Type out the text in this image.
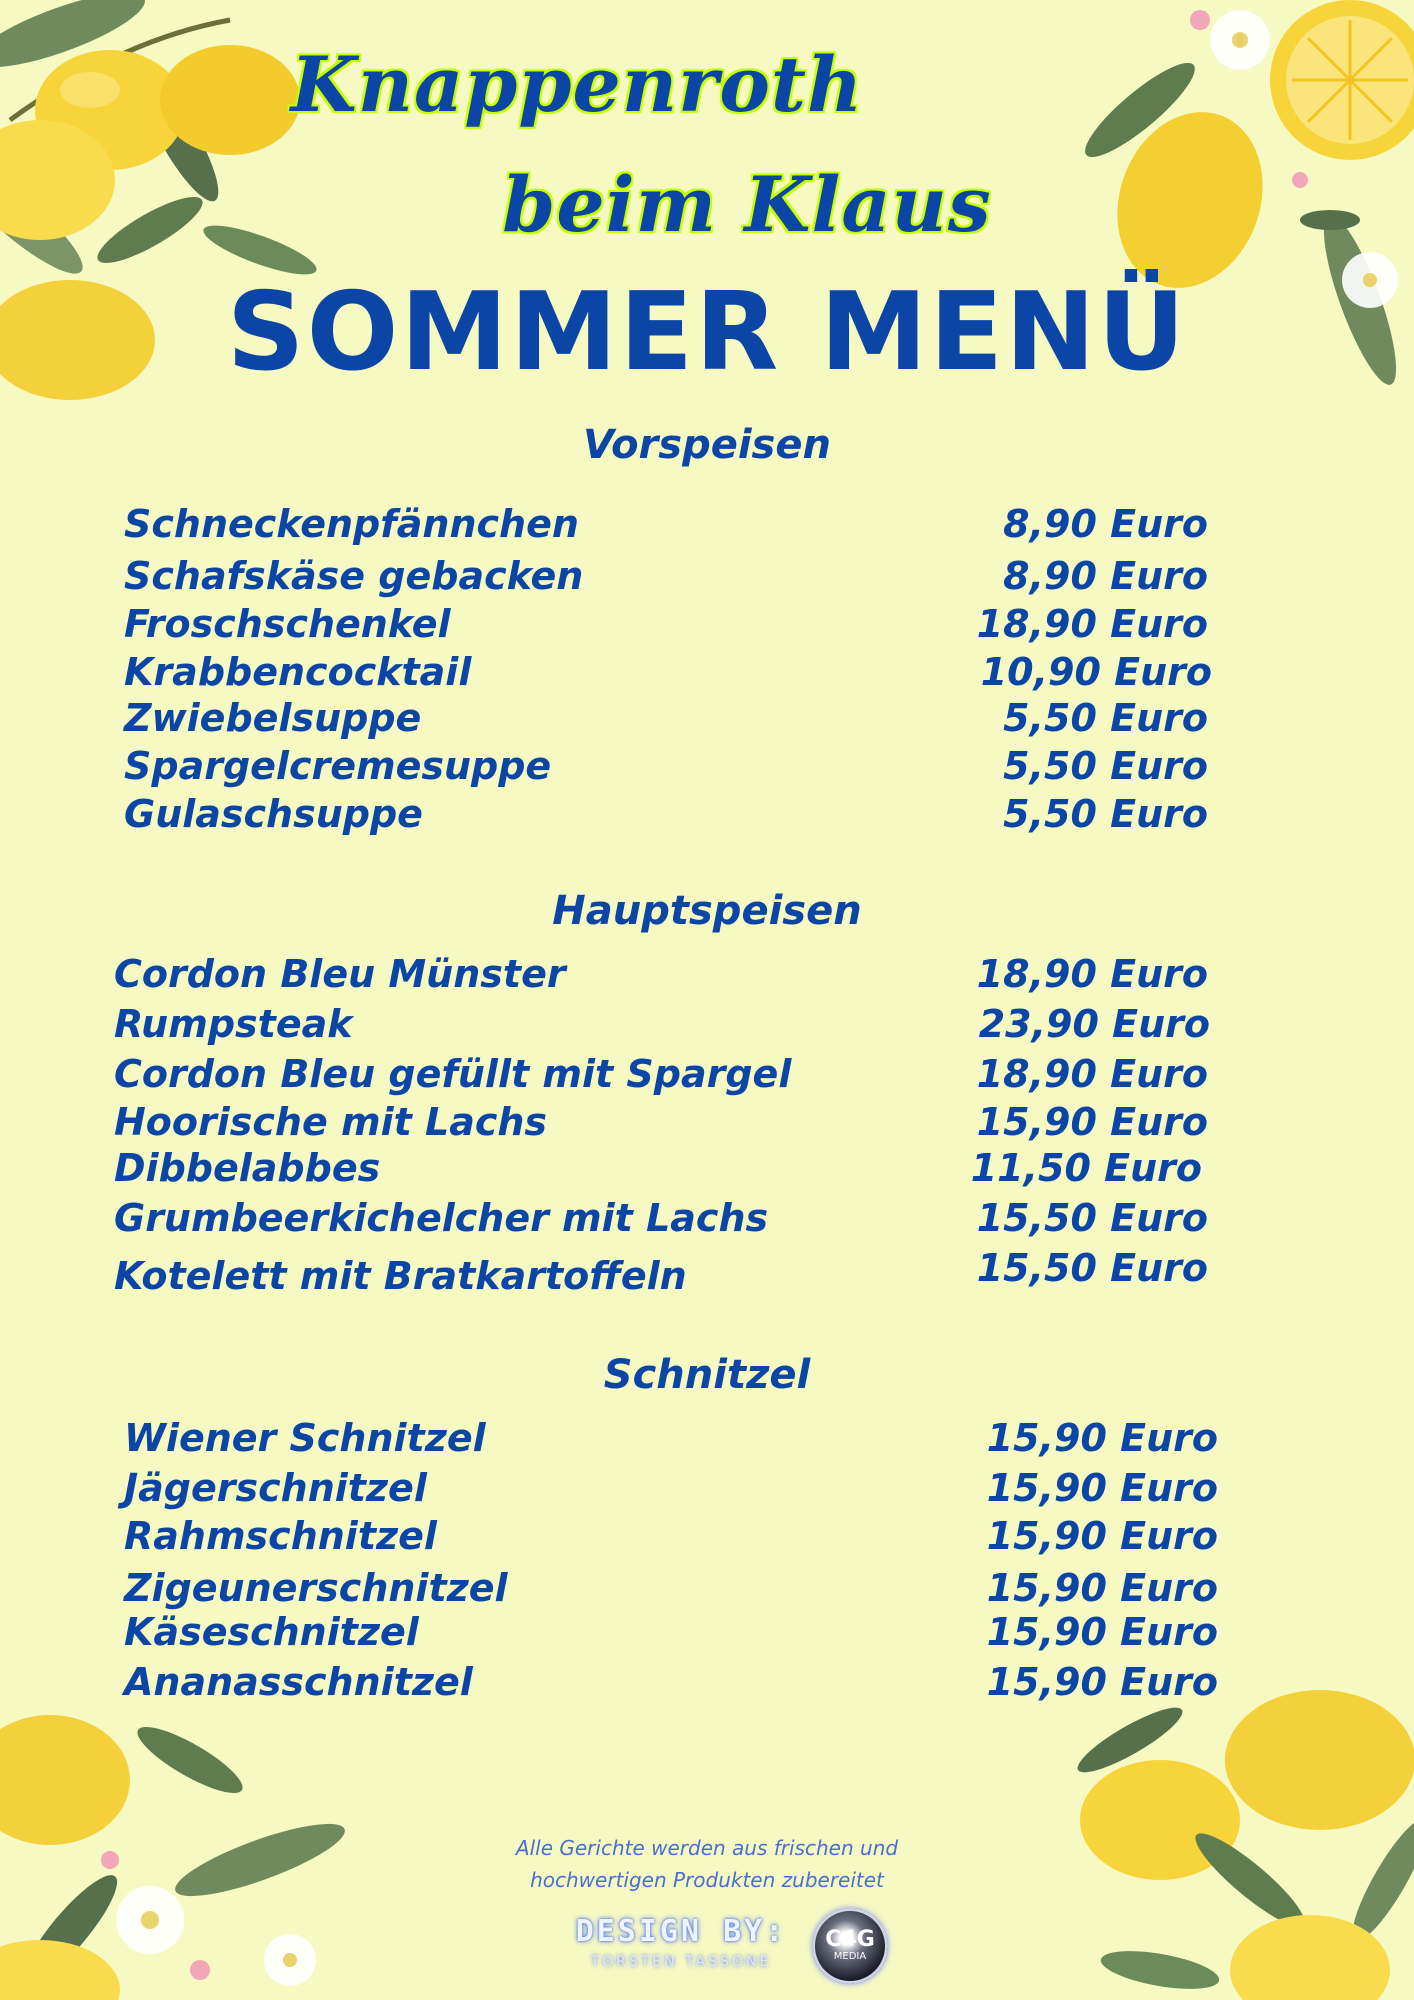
Knappenroth
beim Klaus
SOMMER MENÜ
Vorspeisen
Schneckenpfännchen	8,90 Euro
Schafskäse gebacken	8,90 Euro
Froschschenkel	18,90 Euro
Krabbencocktail	10,90 Euro
Zwiebelsuppe	5,50 Euro
Spargelcremesuppe	5,50 Euro
Gulaschsuppe	5,50 Euro
Hauptspeisen
Cordon Bleu Münster	18,90 Euro
Rumpsteak	23,90 Euro
Cordon Bleu gefüllt mit Spargel	18,90 Euro
Hoorische mit Lachs	15,90 Euro
Dibbelabbes	11,50 Euro
Grumbeerkichelcher mit Lachs	15,50 Euro
Kotelett mit Bratkartoffeln	15,50 Euro
Schnitzel
Wiener Schnitzel	15,90 Euro
Jägerschnitzel	15,90 Euro
Rahmschnitzel	15,90 Euro
Zigeunerschnitzel	15,90 Euro
Käseschnitzel	15,90 Euro
Ananasschnitzel	15,90 Euro
Alle Gerichte werden aus frischen und
hochwertigen Produkten zubereitet
DESIGN BY:
TORSTEN TASSONE
C4G
MEDIA
